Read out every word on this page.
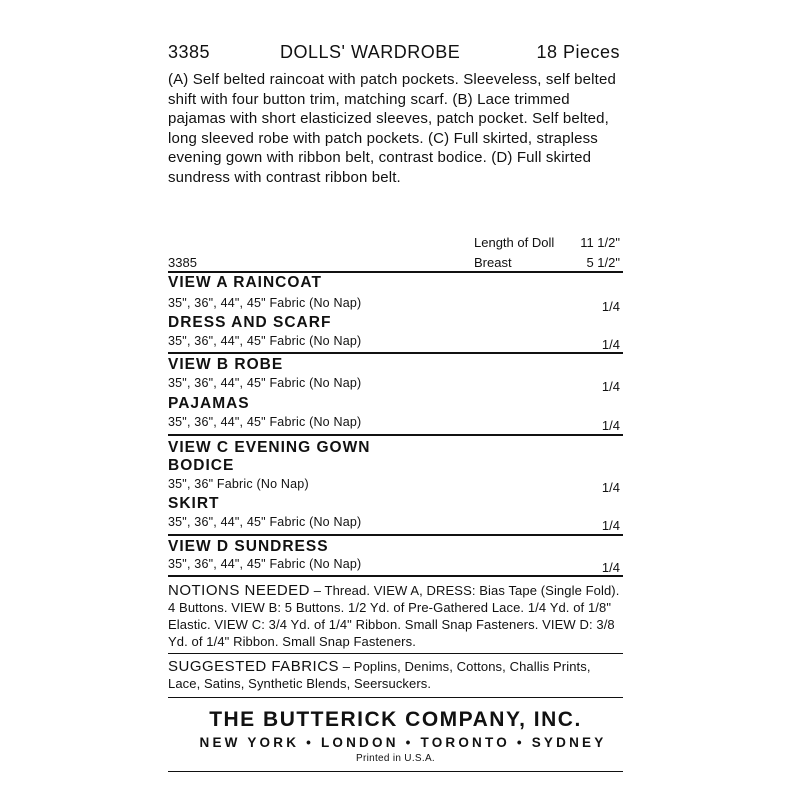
3385	DOLLS' WARDROBE	18 Pieces
(A) Self belted raincoat with patch pockets. Sleeveless, self belted shift with four button trim, matching scarf. (B) Lace trimmed pajamas with short elasticized sleeves, patch pocket. Self belted, long sleeved robe with patch pockets. (C) Full skirted, strapless evening gown with ribbon belt, contrast bodice. (D) Full skirted sundress with contrast ribbon belt.
Length of Doll 11 1/2"
3385	Breast	5 1/2"
VIEW A RAINCOAT
35", 36", 44", 45" Fabric (No Nap)	1/4
DRESS AND SCARF
35", 36", 44", 45" Fabric (No Nap)	1/4
VIEW B ROBE
35", 36", 44", 45" Fabric (No Nap)	1/4
PAJAMAS
35", 36", 44", 45" Fabric (No Nap)	1/4
VIEW C EVENING GOWN
BODICE
35", 36" Fabric (No Nap)	1/4
SKIRT
35", 36", 44", 45" Fabric (No Nap)	1/4
VIEW D SUNDRESS
35", 36", 44", 45" Fabric (No Nap)	1/4
NOTIONS NEEDED – Thread. VIEW A, DRESS: Bias Tape (Single Fold). 4 Buttons. VIEW B: 5 Buttons. 1/2 Yd. of Pre-Gathered Lace. 1/4 Yd. of 1/8" Elastic. VIEW C: 3/4 Yd. of 1/4" Ribbon. Small Snap Fasteners. VIEW D: 3/8 Yd. of 1/4" Ribbon. Small Snap Fasteners.
SUGGESTED FABRICS – Poplins, Denims, Cottons, Challis Prints, Lace, Satins, Synthetic Blends, Seersuckers.
THE BUTTERICK COMPANY, INC.
NEW YORK • LONDON • TORONTO • SYDNEY
Printed in U.S.A.
